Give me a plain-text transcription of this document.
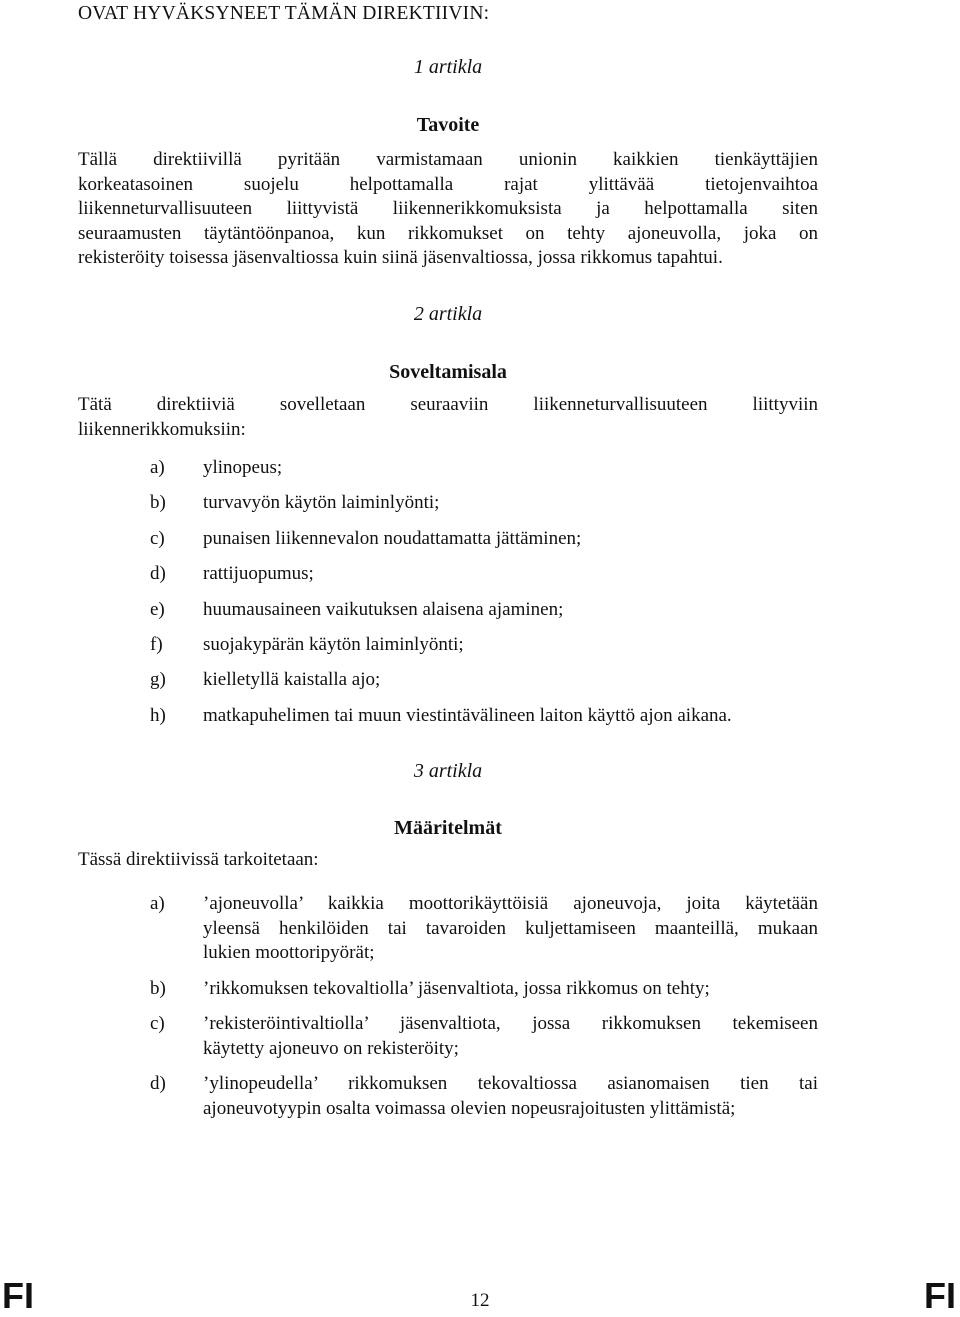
OVAT HYVÄKSYNEET TÄMÄN DIREKTIIVIN:

1 artikla

Tavoite

Tällä direktiivillä pyritään varmistamaan unionin kaikkien tienkäyttäjien
korkeatasoinen suojelu helpottamalla rajat ylittävää tietojenvaihtoa
liikenneturvallisuuteen liittyvistä liikennerikkomuksista ja helpottamalla siten
seuraamusten täytäntöönpanoa, kun rikkomukset on tehty ajoneuvolla, joka on
rekisteröity toisessa jäsenvaltiossa kuin siinä jäsenvaltiossa, jossa rikkomus tapahtui.

2 artikla

Soveltamisala

Tätä direktiiviä sovelletaan seuraaviin liikenneturvallisuuteen liittyviin
liikennerikkomuksiin:
a)	ylinopeus;
b)	turvavyön käytön laiminlyönti;
c)	punaisen liikennevalon noudattamatta jättäminen;
d)	rattijuopumus;
e)	huumausaineen vaikutuksen alaisena ajaminen;
f)	suojakypärän käytön laiminlyönti;
g)	kielletyllä kaistalla ajo;
h)	matkapuhelimen tai muun viestintävälineen laiton käyttö ajon aikana.

3 artikla

Määritelmät

Tässä direktiivissä tarkoitetaan:

a)	’ajoneuvolla’ kaikkia moottorikäyttöisiä ajoneuvoja, joita käytetään
yleensä henkilöiden tai tavaroiden kuljettamiseen maanteillä, mukaan
lukien moottoripyörät;
b)	’rikkomuksen tekovaltiolla’ jäsenvaltiota, jossa rikkomus on tehty;
c)	’rekisteröintivaltiolla’ jäsenvaltiota, jossa rikkomuksen tekemiseen
käytetty ajoneuvo on rekisteröity;
d)	’ylinopeudella’ rikkomuksen tekovaltiossa asianomaisen tien tai
ajoneuvotyypin osalta voimassa olevien nopeusrajoitusten ylittämistä;
FI	FI
12
